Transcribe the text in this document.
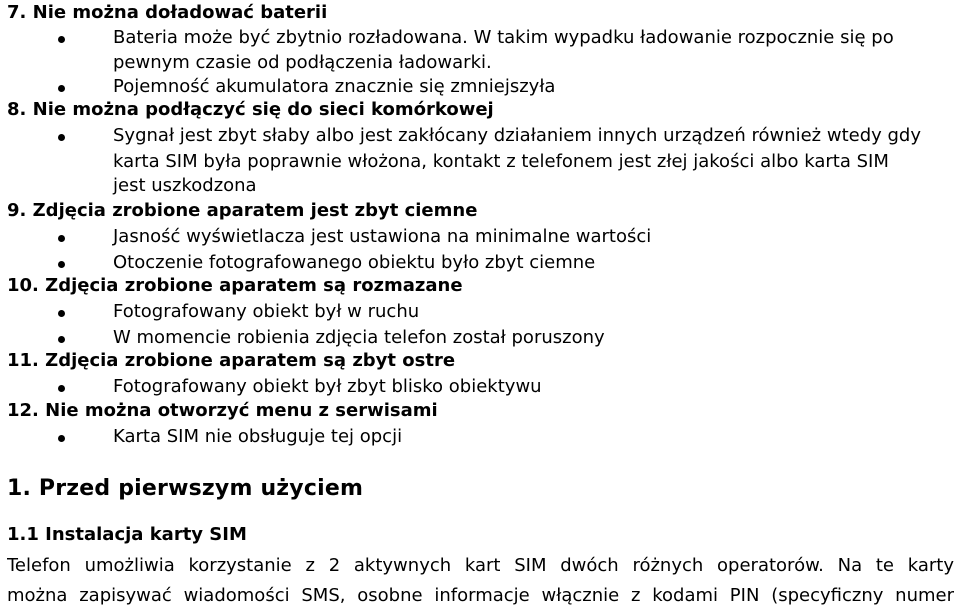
7. Nie można doładować baterii
Bateria może być zbytnio rozładowana. W takim wypadku ładowanie rozpocznie się po
pewnym czasie od podłączenia ładowarki.
Pojemność akumulatora znacznie się zmniejszyła
8. Nie można podłączyć się do sieci komórkowej
Sygnał jest zbyt słaby albo jest zakłócany działaniem innych urządzeń również wtedy gdy
karta SIM była poprawnie włożona, kontakt z telefonem jest złej jakości albo karta SIM
jest uszkodzona
9. Zdjęcia zrobione aparatem jest zbyt ciemne
Jasność wyświetlacza jest ustawiona na minimalne wartości
Otoczenie fotografowanego obiektu było zbyt ciemne
10. Zdjęcia zrobione aparatem są rozmazane
Fotografowany obiekt był w ruchu
W momencie robienia zdjęcia telefon został poruszony
11. Zdjęcia zrobione aparatem są zbyt ostre
Fotografowany obiekt był zbyt blisko obiektywu
12. Nie można otworzyć menu z serwisami
Karta SIM nie obsługuje tej opcji
1. Przed pierwszym użyciem
1.1 Instalacja karty SIM
Telefon umożliwia korzystanie z 2 aktywnych kart SIM dwóch różnych operatorów. Na te karty
można zapisywać wiadomości SMS, osobne informacje włącznie z kodami PIN (specyficzny numer
